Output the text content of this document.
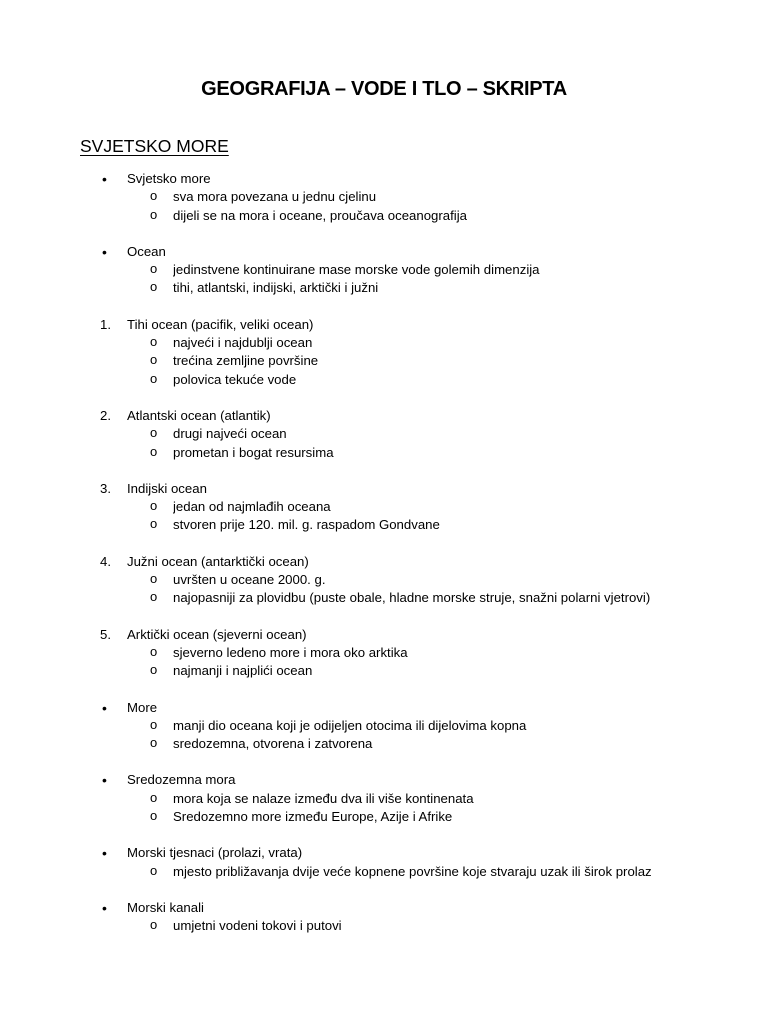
GEOGRAFIJA – VODE I TLO – SKRIPTA
SVJETSKO MORE
• Svjetsko more
o sva mora povezana u jednu cjelinu
o dijeli se na mora i oceane, proučava oceanografija
• Ocean
o jedinstvene kontinuirane mase morske vode golemih dimenzija
o tihi, atlantski, indijski, arktički i južni
1. Tihi ocean (pacifik, veliki ocean)
o najveći i najdublji ocean
o trećina zemljine površine
o polovica tekuće vode
2. Atlantski ocean (atlantik)
o drugi najveći ocean
o prometan i bogat resursima
3. Indijski ocean
o jedan od najmlađih oceana
o stvoren prije 120. mil. g. raspadom Gondvane
4. Južni ocean (antarktički ocean)
o uvršten u oceane 2000. g.
o najopasniji za plovidbu (puste obale, hladne morske struje, snažni polarni vjetrovi)
5. Arktički ocean (sjeverni ocean)
o sjeverno ledeno more i mora oko arktika
o najmanji i najplići ocean
• More
o manji dio oceana koji je odijeljen otocima ili dijelovima kopna
o sredozemna, otvorena i zatvorena
• Sredozemna mora
o mora koja se nalaze između dva ili više kontinenata
o Sredozemno more između Europe, Azije i Afrike
• Morski tjesnaci (prolazi, vrata)
o mjesto približavanja dvije veće kopnene površine koje stvaraju uzak ili širok prolaz
• Morski kanali
o umjetni vodeni tokovi i putovi
